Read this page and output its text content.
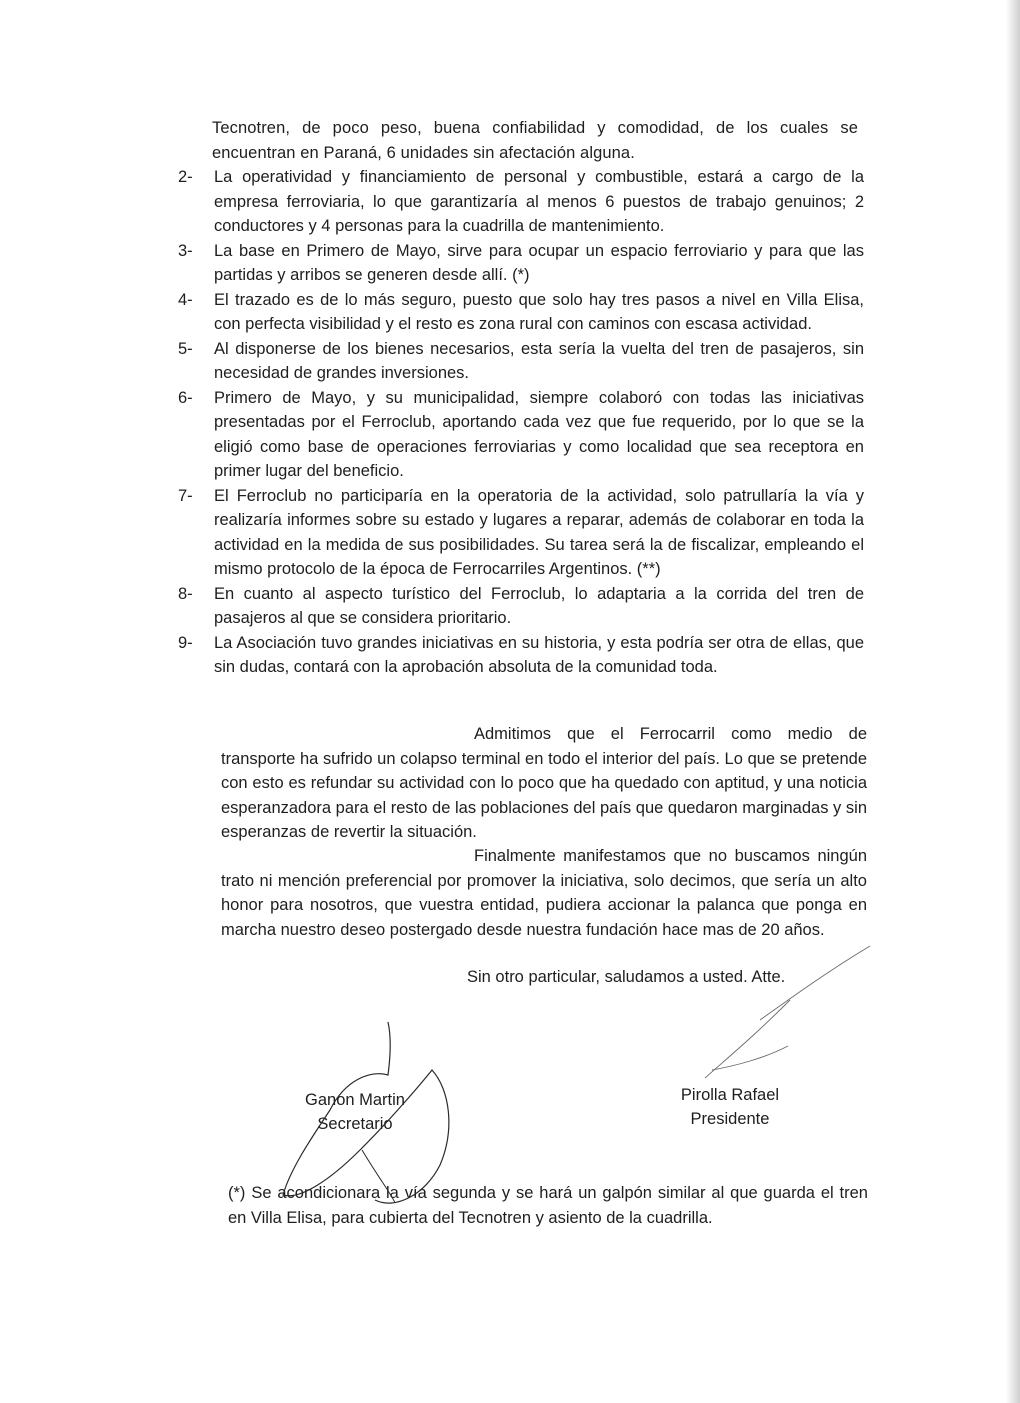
Tecnotren, de poco peso, buena confiabilidad y comodidad, de los cuales se encuentran en Paraná, 6 unidades sin afectación alguna.

2- La operatividad y financiamiento de personal y combustible, estará a cargo de la empresa ferroviaria, lo que garantizaría al menos 6 puestos de trabajo genuinos; 2 conductores y 4 personas para la cuadrilla de mantenimiento.
3- La base en Primero de Mayo, sirve para ocupar un espacio ferroviario y para que las partidas y arribos se generen desde allí. (*)
4- El trazado es de lo más seguro, puesto que solo hay tres pasos a nivel en Villa Elisa, con perfecta visibilidad y el resto es zona rural con caminos con escasa actividad.
5- Al disponerse de los bienes necesarios, esta sería la vuelta del tren de pasajeros, sin necesidad de grandes inversiones.
6- Primero de Mayo, y su municipalidad, siempre colaboró con todas las iniciativas presentadas por el Ferroclub, aportando cada vez que fue requerido, por lo que se la eligió como base de operaciones ferroviarias y como localidad que sea receptora en primer lugar del beneficio.
7- El Ferroclub no participaría en la operatoria de la actividad, solo patrullaría la vía y realizaría informes sobre su estado y lugares a reparar, además de colaborar en toda la actividad en la medida de sus posibilidades. Su tarea será la de fiscalizar, empleando el mismo protocolo de la época de Ferrocarriles Argentinos. (**)
8- En cuanto al aspecto turístico del Ferroclub, lo adaptaria a la corrida del tren de pasajeros al que se considera prioritario.
9- La Asociación tuvo grandes iniciativas en su historia, y esta podría ser otra de ellas, que sin dudas, contará con la aprobación absoluta de la comunidad toda.

Admitimos que el Ferrocarril como medio de transporte ha sufrido un colapso terminal en todo el interior del país. Lo que se pretende con esto es refundar su actividad con lo poco que ha quedado con aptitud, y una noticia esperanzadora para el resto de las poblaciones del país que quedaron marginadas y sin esperanzas de revertir la situación.

Finalmente manifestamos que no buscamos ningún trato ni mención preferencial por promover la iniciativa, solo decimos, que sería un alto honor para nosotros, que vuestra entidad, pudiera accionar la palanca que ponga en marcha nuestro deseo postergado desde nuestra fundación hace mas de 20 años.

Sin otro particular, saludamos a usted. Atte.
Ganon Martin
Secretario
Pirolla Rafael
Presidente

(*) Se acondicionara la vía segunda y se hará un galpón similar al que guarda el tren en Villa Elisa, para cubierta del Tecnotren y asiento de la cuadrilla.
